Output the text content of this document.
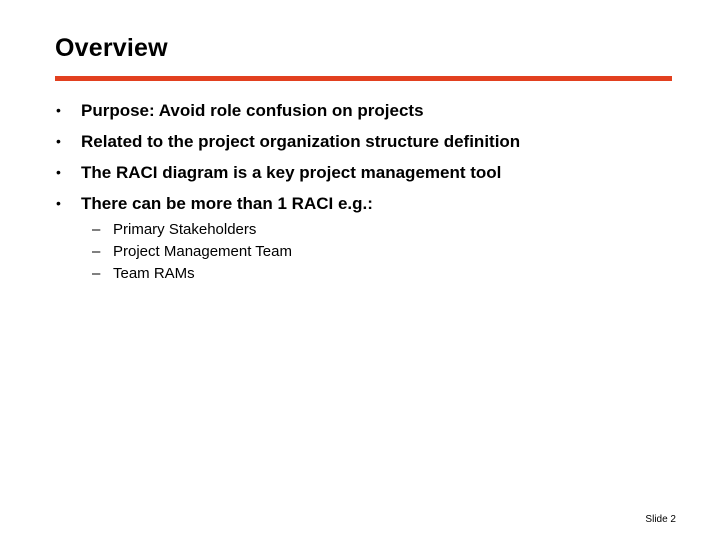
Overview
• Purpose: Avoid role confusion on projects
• Related to the project organization structure definition
• The RACI diagram is a key project management tool
• There can be more than 1 RACI e.g.:
– Primary Stakeholders
– Project Management Team
– Team RAMs
Slide 2
